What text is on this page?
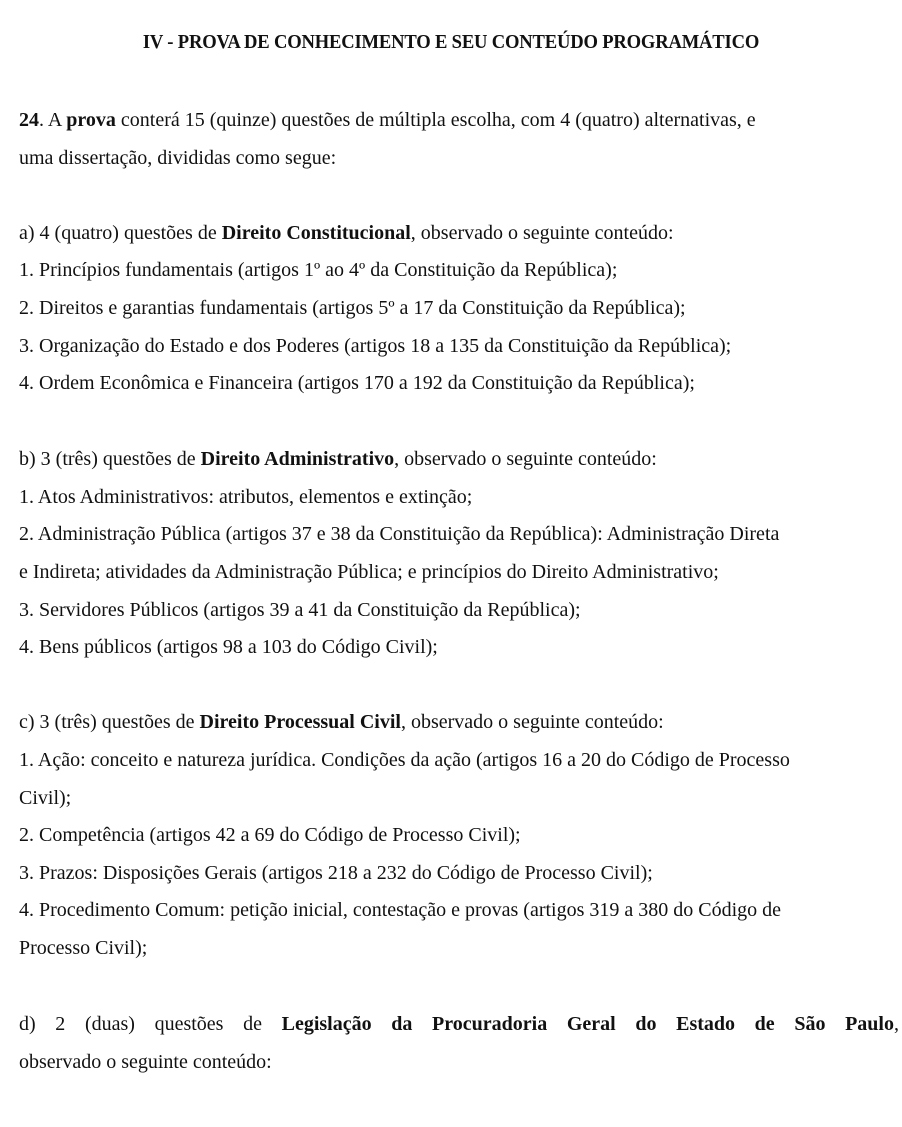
IV - PROVA DE CONHECIMENTO E SEU CONTEÚDO PROGRAMÁTICO
24. A prova conterá 15 (quinze) questões de múltipla escolha, com 4 (quatro) alternativas, e
uma dissertação, divididas como segue:
a) 4 (quatro) questões de Direito Constitucional, observado o seguinte conteúdo:
1. Princípios fundamentais (artigos 1º ao 4º da Constituição da República);
2. Direitos e garantias fundamentais (artigos 5º a 17 da Constituição da República);
3. Organização do Estado e dos Poderes (artigos 18 a 135 da Constituição da República);
4. Ordem Econômica e Financeira (artigos 170 a 192 da Constituição da República);
b) 3 (três) questões de Direito Administrativo, observado o seguinte conteúdo:
1. Atos Administrativos: atributos, elementos e extinção;
2. Administração Pública (artigos 37 e 38 da Constituição da República): Administração Direta
e Indireta; atividades da Administração Pública; e princípios do Direito Administrativo;
3. Servidores Públicos (artigos 39 a 41 da Constituição da República);
4. Bens públicos (artigos 98 a 103 do Código Civil);
c) 3 (três) questões de Direito Processual Civil, observado o seguinte conteúdo:
1. Ação: conceito e natureza jurídica. Condições da ação (artigos 16 a 20 do Código de Processo
Civil);
2. Competência (artigos 42 a 69 do Código de Processo Civil);
3. Prazos: Disposições Gerais (artigos 218 a 232 do Código de Processo Civil);
4. Procedimento Comum: petição inicial, contestação e provas (artigos 319 a 380 do Código de
Processo Civil);
d) 2 (duas) questões de Legislação da Procuradoria Geral do Estado de São Paulo,
observado o seguinte conteúdo:
